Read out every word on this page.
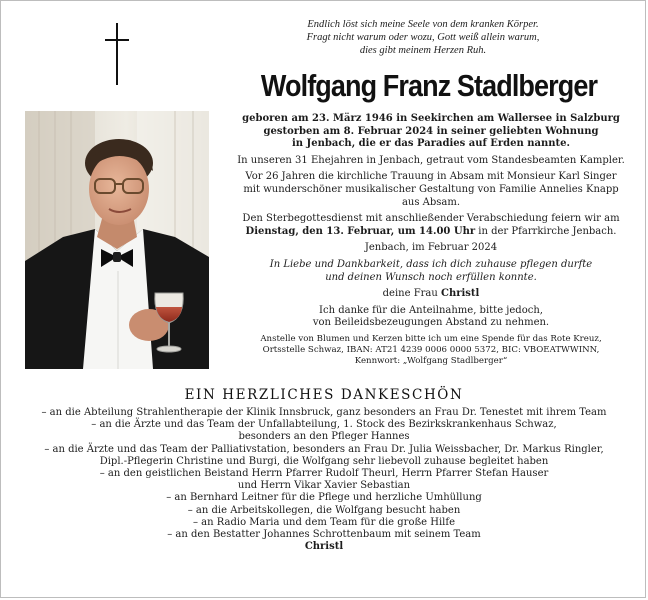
Endlich löst sich meine Seele von dem kranken Körper.
Fragt nicht warum oder wozu, Gott weiß allein warum,
dies gibt meinem Herzen Ruh.
Wolfgang Franz Stadlberger
geboren am 23. März 1946 in Seekirchen am Wallersee in Salzburg
gestorben am 8. Februar 2024 in seiner geliebten Wohnung
in Jenbach, die er das Paradies auf Erden nannte.
In unseren 31 Ehejahren in Jenbach, getraut vom Standesbeamten Kampler.
Vor 26 Jahren die kirchliche Trauung in Absam mit Monsieur Karl Singer
mit wunderschöner musikalischer Gestaltung von Familie Annelies Knapp
aus Absam.
Den Sterbegottesdienst mit anschließender Verabschiedung feiern wir am
Dienstag, den 13. Februar, um 14.00 Uhr in der Pfarrkirche Jenbach.
Jenbach, im Februar 2024
In Liebe und Dankbarkeit, dass ich dich zuhause pflegen durfte
und deinen Wunsch noch erfüllen konnte.
deine Frau Christl
Ich danke für die Anteilnahme, bitte jedoch,
von Beileidsbezeugungen Abstand zu nehmen.
Anstelle von Blumen und Kerzen bitte ich um eine Spende für das Rote Kreuz,
Ortsstelle Schwaz, IBAN: AT21 4239 0006 0000 5372, BIC: VBOEATWWINN,
Kennwort: „Wolfgang Stadlberger“
EIN HERZLICHES DANKESCHÖN
– an die Abteilung Strahlentherapie der Klinik Innsbruck, ganz besonders an Frau Dr. Tenestet mit ihrem Team
– an die Ärzte und das Team der Unfallabteilung, 1. Stock des Bezirkskrankenhaus Schwaz,
besonders an den Pfleger Hannes
– an die Ärzte und das Team der Palliativstation, besonders an Frau Dr. Julia Weissbacher, Dr. Markus Ringler,
Dipl.-Pflegerin Christine und Burgi, die Wolfgang sehr liebevoll zuhause begleitet haben
– an den geistlichen Beistand Herrn Pfarrer Rudolf Theurl, Herrn Pfarrer Stefan Hauser
und Herrn Vikar Xavier Sebastian
– an Bernhard Leitner für die Pflege und herzliche Umhüllung
– an die Arbeitskollegen, die Wolfgang besucht haben
– an Radio Maria und dem Team für die große Hilfe
– an den Bestatter Johannes Schrottenbaum mit seinem Team
Christl
